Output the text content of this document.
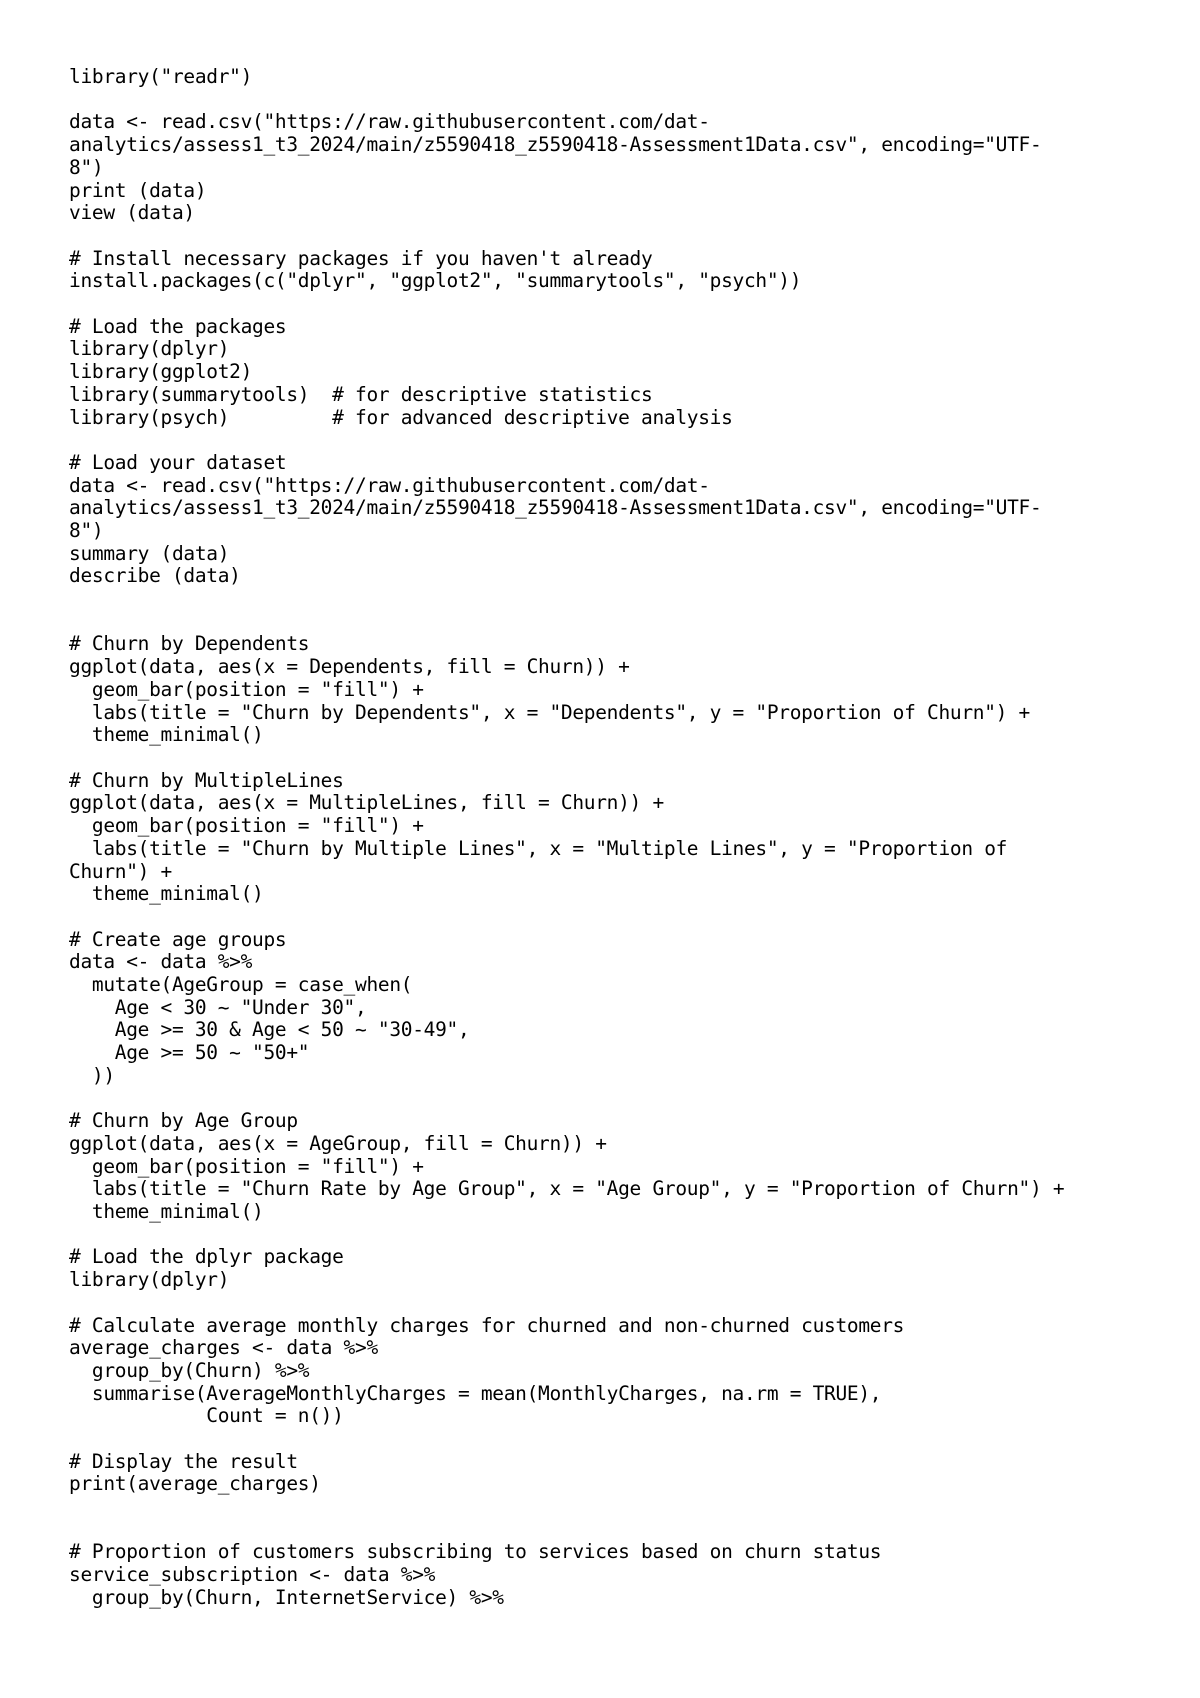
library("readr")
data <- read.csv("https://raw.githubusercontent.com/dat-
analytics/assess1_t3_2024/main/z5590418_z5590418-Assessment1Data.csv", encoding="UTF-
8")
print (data)
view (data)
# Install necessary packages if you haven't already
install.packages(c("dplyr", "ggplot2", "summarytools", "psych"))
# Load the packages
library(dplyr)
library(ggplot2)
library(summarytools)  # for descriptive statistics
library(psych)         # for advanced descriptive analysis
# Load your dataset
data <- read.csv("https://raw.githubusercontent.com/dat-
analytics/assess1_t3_2024/main/z5590418_z5590418-Assessment1Data.csv", encoding="UTF-
8")
summary (data)
describe (data)
# Churn by Dependents
ggplot(data, aes(x = Dependents, fill = Churn)) +
geom_bar(position = "fill") +
labs(title = "Churn by Dependents", x = "Dependents", y = "Proportion of Churn") +
theme_minimal()
# Churn by MultipleLines
ggplot(data, aes(x = MultipleLines, fill = Churn)) +
geom_bar(position = "fill") +
labs(title = "Churn by Multiple Lines", x = "Multiple Lines", y = "Proportion of
Churn") +
theme_minimal()
# Create age groups
data <- data %>%
mutate(AgeGroup = case_when(
Age < 30 ~ "Under 30",
Age >= 30 & Age < 50 ~ "30-49",
Age >= 50 ~ "50+"
))
# Churn by Age Group
ggplot(data, aes(x = AgeGroup, fill = Churn)) +
geom_bar(position = "fill") +
labs(title = "Churn Rate by Age Group", x = "Age Group", y = "Proportion of Churn") +
theme_minimal()
# Load the dplyr package
library(dplyr)
# Calculate average monthly charges for churned and non-churned customers
average_charges <- data %>%
group_by(Churn) %>%
summarise(AverageMonthlyCharges = mean(MonthlyCharges, na.rm = TRUE),
Count = n())
# Display the result
print(average_charges)
# Proportion of customers subscribing to services based on churn status
service_subscription <- data %>%
group_by(Churn, InternetService) %>%
